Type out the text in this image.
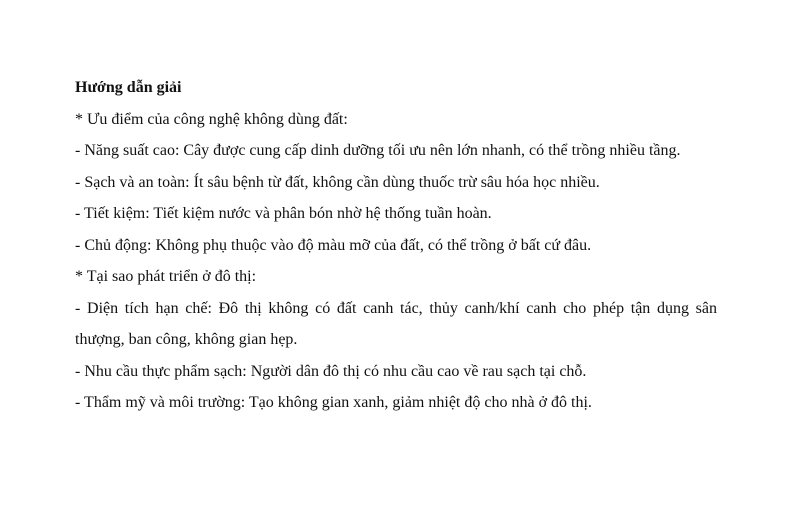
Hướng dẫn giải

* Ưu điểm của công nghệ không dùng đất:

- Năng suất cao: Cây được cung cấp dinh dưỡng tối ưu nên lớn nhanh, có thể trồng nhiều tầng.

- Sạch và an toàn: Ít sâu bệnh từ đất, không cần dùng thuốc trừ sâu hóa học nhiều.

- Tiết kiệm: Tiết kiệm nước và phân bón nhờ hệ thống tuần hoàn.

- Chủ động: Không phụ thuộc vào độ màu mỡ của đất, có thể trồng ở bất cứ đâu.

* Tại sao phát triển ở đô thị:

- Diện tích hạn chế: Đô thị không có đất canh tác, thủy canh/khí canh cho phép tận dụng sân thượng, ban công, không gian hẹp.

- Nhu cầu thực phẩm sạch: Người dân đô thị có nhu cầu cao về rau sạch tại chỗ.

- Thẩm mỹ và môi trường: Tạo không gian xanh, giảm nhiệt độ cho nhà ở đô thị.
